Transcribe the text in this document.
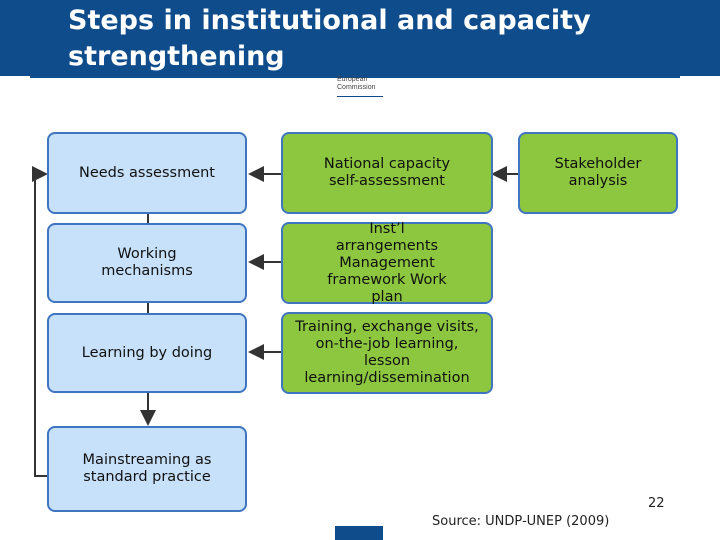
Steps in institutional and capacity strengthening
European
Commission
Needs assessment
Working mechanisms
Learning by doing
Mainstreaming as standard practice
National capacity self-assessment
Inst’l arrangements Management framework Work plan
Training, exchange visits, on-the-job learning, lesson learning/dissemination
Stakeholder analysis
22
Source: UNDP-UNEP (2009)
